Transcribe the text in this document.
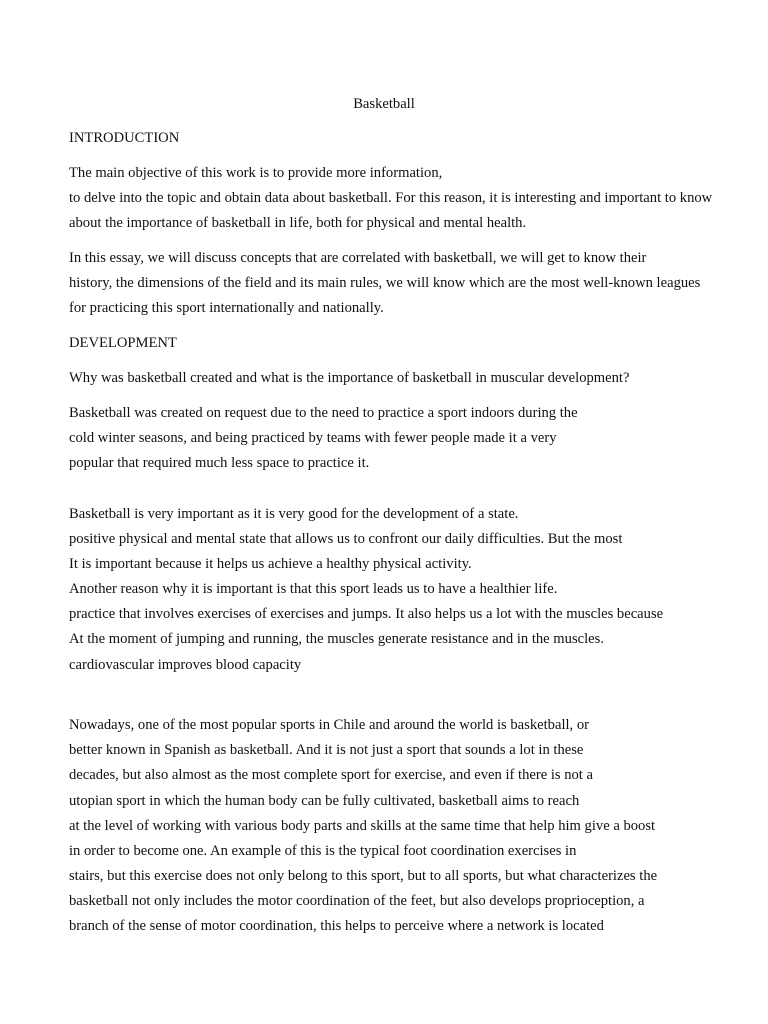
Basketball
INTRODUCTION
The main objective of this work is to provide more information,
to delve into the topic and obtain data about basketball. For this reason, it is interesting and important to know
about the importance of basketball in life, both for physical and mental health.
In this essay, we will discuss concepts that are correlated with basketball, we will get to know their
history, the dimensions of the field and its main rules, we will know which are the most well-known leagues
for practicing this sport internationally and nationally.
DEVELOPMENT
Why was basketball created and what is the importance of basketball in muscular development?
Basketball was created on request due to the need to practice a sport indoors during the
cold winter seasons, and being practiced by teams with fewer people made it a very
popular that required much less space to practice it.
Basketball is very important as it is very good for the development of a state.
positive physical and mental state that allows us to confront our daily difficulties. But the most
It is important because it helps us achieve a healthy physical activity.
Another reason why it is important is that this sport leads us to have a healthier life.
practice that involves exercises of exercises and jumps. It also helps us a lot with the muscles because
At the moment of jumping and running, the muscles generate resistance and in the muscles.
cardiovascular improves blood capacity
Nowadays, one of the most popular sports in Chile and around the world is basketball, or
better known in Spanish as basketball. And it is not just a sport that sounds a lot in these
decades, but also almost as the most complete sport for exercise, and even if there is not a
utopian sport in which the human body can be fully cultivated, basketball aims to reach
at the level of working with various body parts and skills at the same time that help him give a boost
in order to become one. An example of this is the typical foot coordination exercises in
stairs, but this exercise does not only belong to this sport, but to all sports, but what characterizes the
basketball not only includes the motor coordination of the feet, but also develops proprioception, a
branch of the sense of motor coordination, this helps to perceive where a network is located
